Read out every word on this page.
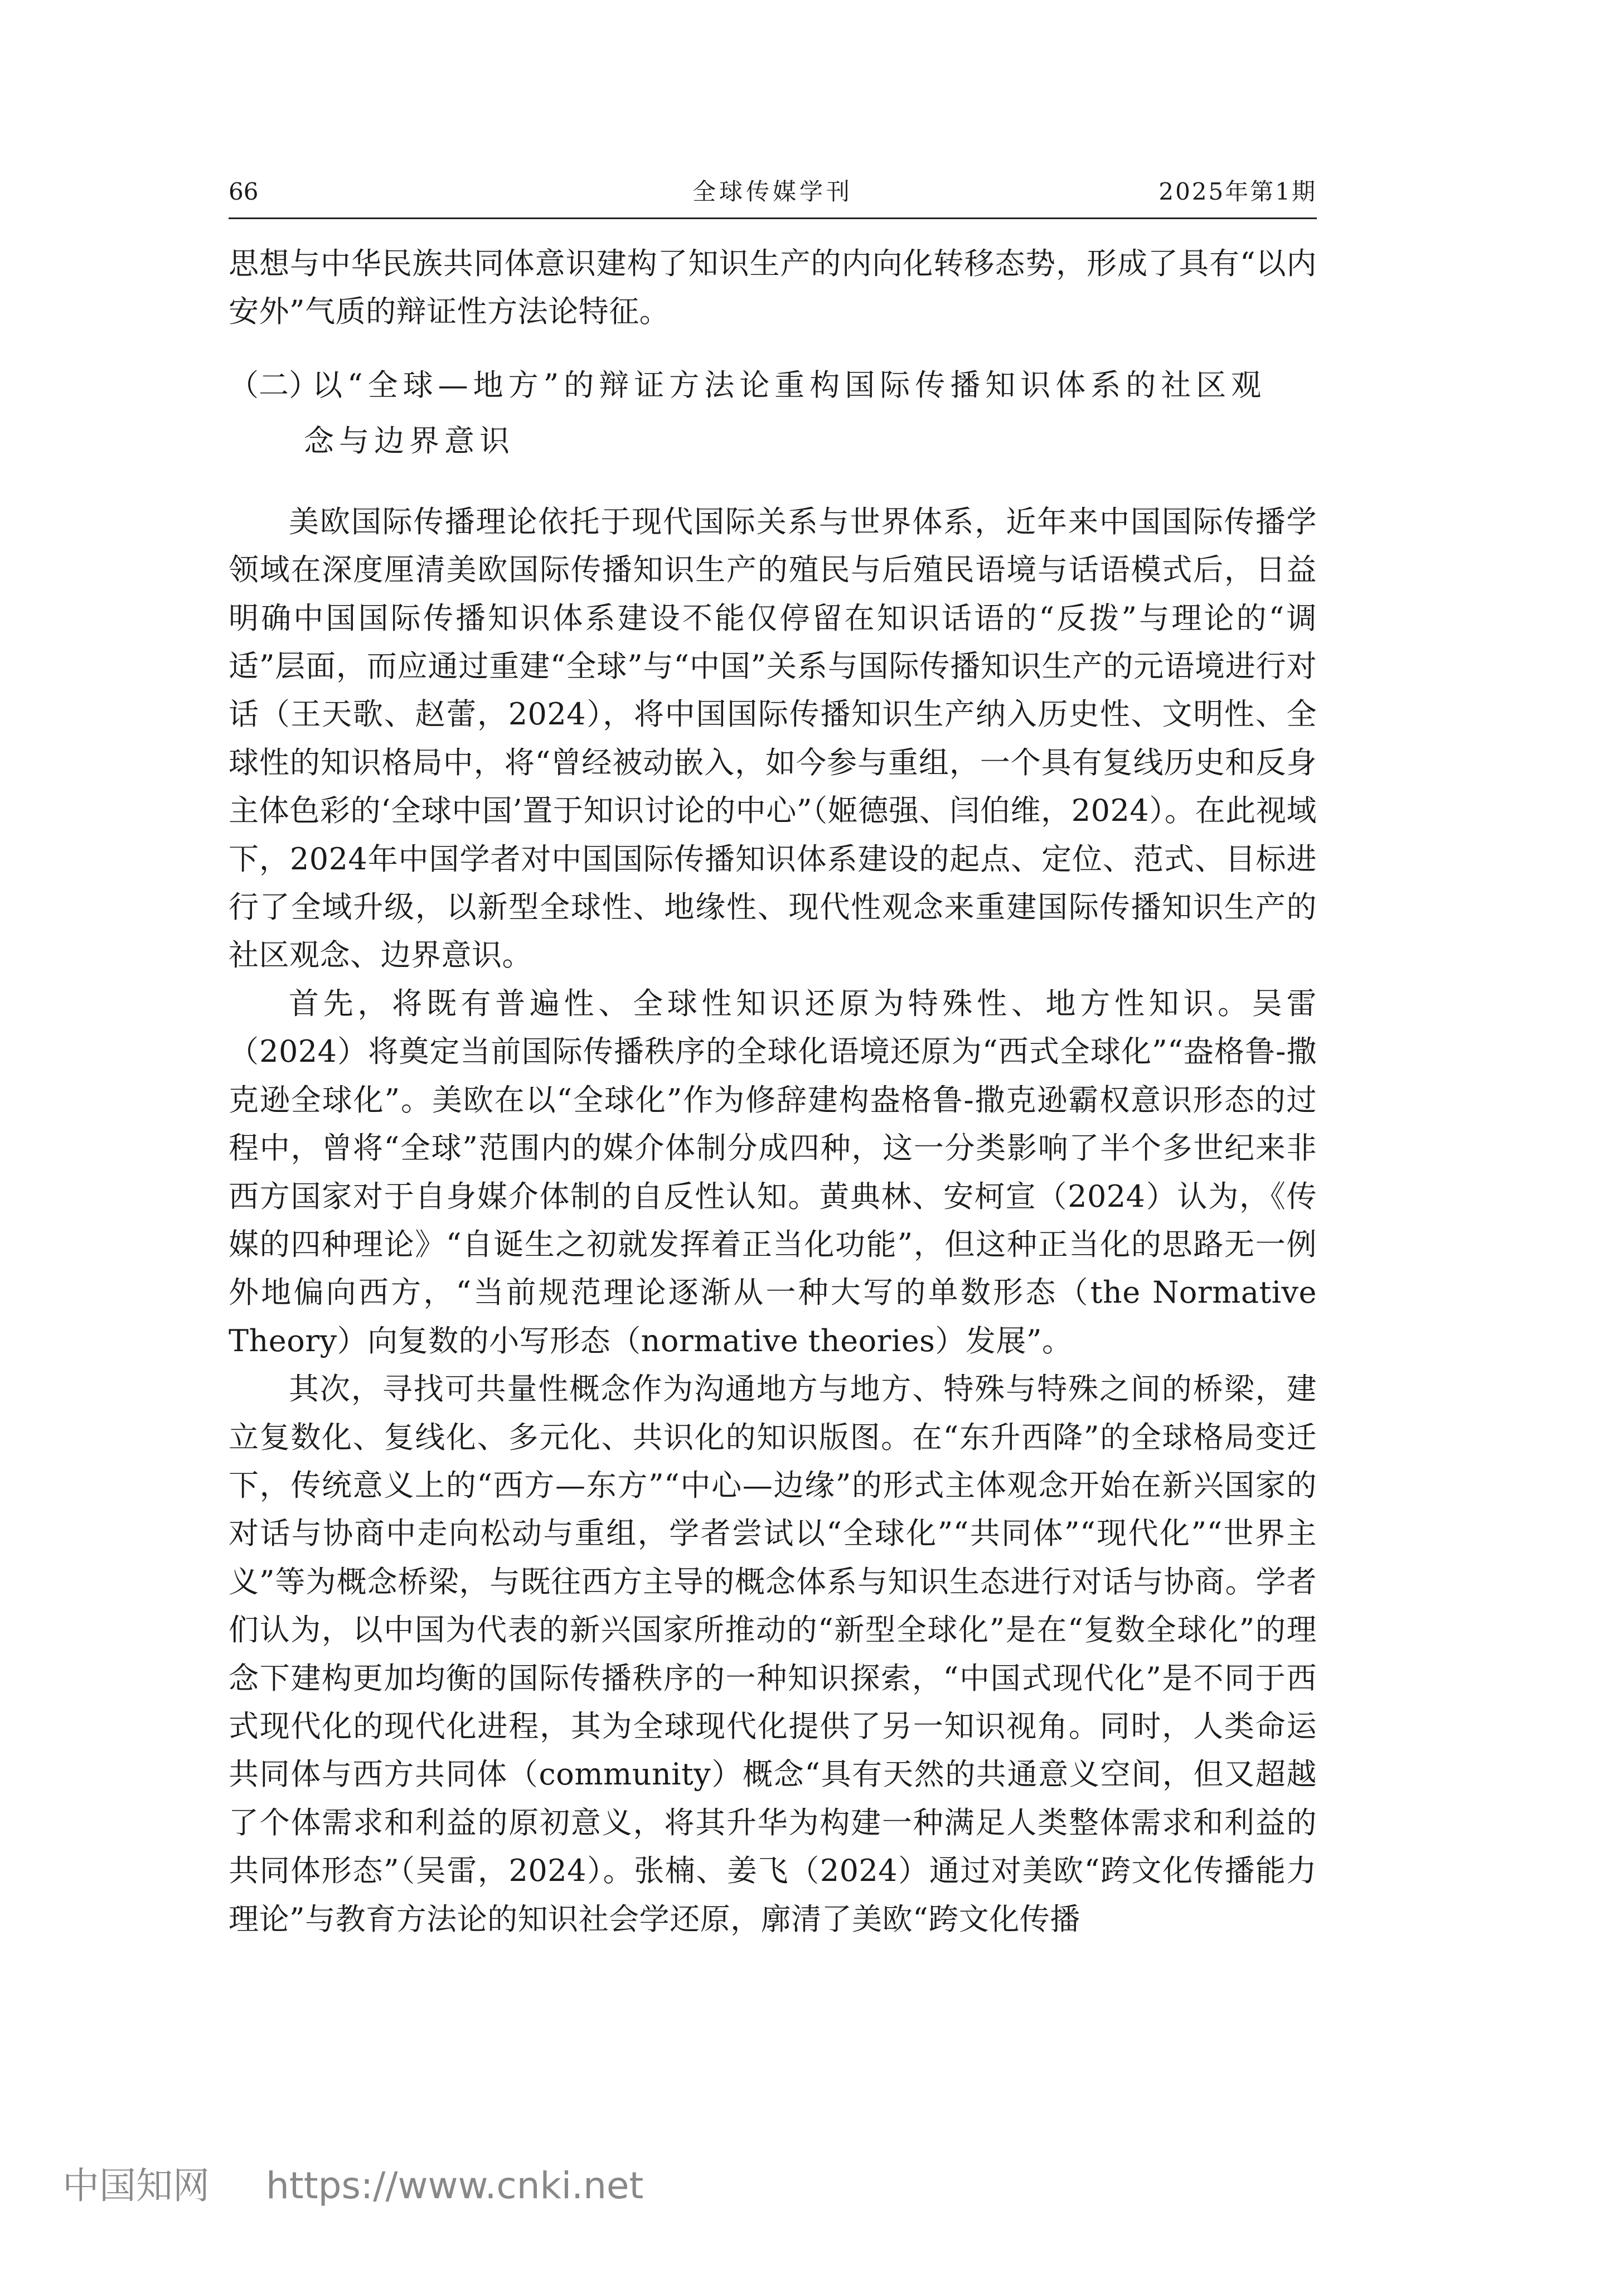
66	全球传媒学刊	2025年第1期

思想与中华民族共同体意识建构了知识生产的内向化转移态势，形成了具有“以内安外”气质的辩证性方法论特征。

（二）以“全球—地方”的辩证方法论重构国际传播知识体系的社区观
念与边界意识

美欧国际传播理论依托于现代国际关系与世界体系，近年来中国国际传播学领域在深度厘清美欧国际传播知识生产的殖民与后殖民语境与话语模式后，日益明确中国国际传播知识体系建设不能仅停留在知识话语的“反拨”与理论的“调适”层面，而应通过重建“全球”与“中国”关系与国际传播知识生产的元语境进行对话（王天歌、赵蕾，2024），将中国国际传播知识生产纳入历史性、文明性、全球性的知识格局中，将“曾经被动嵌入，如今参与重组，一个具有复线历史和反身主体色彩的‘全球中国’置于知识讨论的中心”（姬德强、闫伯维，2024）。在此视域下，2024年中国学者对中国国际传播知识体系建设的起点、定位、范式、目标进行了全域升级，以新型全球性、地缘性、现代性观念来重建国际传播知识生产的社区观念、边界意识。

首先，将既有普遍性、全球性知识还原为特殊性、地方性知识。吴雷（2024）将奠定当前国际传播秩序的全球化语境还原为“西式全球化”“盎格鲁-撒克逊全球化”。美欧在以“全球化”作为修辞建构盎格鲁-撒克逊霸权意识形态的过程中，曾将“全球”范围内的媒介体制分成四种，这一分类影响了半个多世纪来非西方国家对于自身媒介体制的自反性认知。黄典林、安柯宣（2024）认为，《传媒的四种理论》“自诞生之初就发挥着正当化功能”，但这种正当化的思路无一例外地偏向西方，“当前规范理论逐渐从一种大写的单数形态（the Normative Theory）向复数的小写形态（normative theories）发展”。

其次，寻找可共量性概念作为沟通地方与地方、特殊与特殊之间的桥梁，建立复数化、复线化、多元化、共识化的知识版图。在“东升西降”的全球格局变迁下，传统意义上的“西方—东方”“中心—边缘”的形式主体观念开始在新兴国家的对话与协商中走向松动与重组，学者尝试以“全球化”“共同体”“现代化”“世界主义”等为概念桥梁，与既往西方主导的概念体系与知识生态进行对话与协商。学者们认为，以中国为代表的新兴国家所推动的“新型全球化”是在“复数全球化”的理念下建构更加均衡的国际传播秩序的一种知识探索，“中国式现代化”是不同于西式现代化的现代化进程，其为全球现代化提供了另一知识视角。同时，人类命运共同体与西方共同体（community）概念“具有天然的共通意义空间，但又超越了个体需求和利益的原初意义，将其升华为构建一种满足人类整体需求和利益的共同体形态”（吴雷，2024）。张楠、姜飞（2024）通过对美欧“跨文化传播能力理论”与教育方法论的知识社会学还原，廓清了美欧“跨文化传播

中国知网 https://www.cnki.net
